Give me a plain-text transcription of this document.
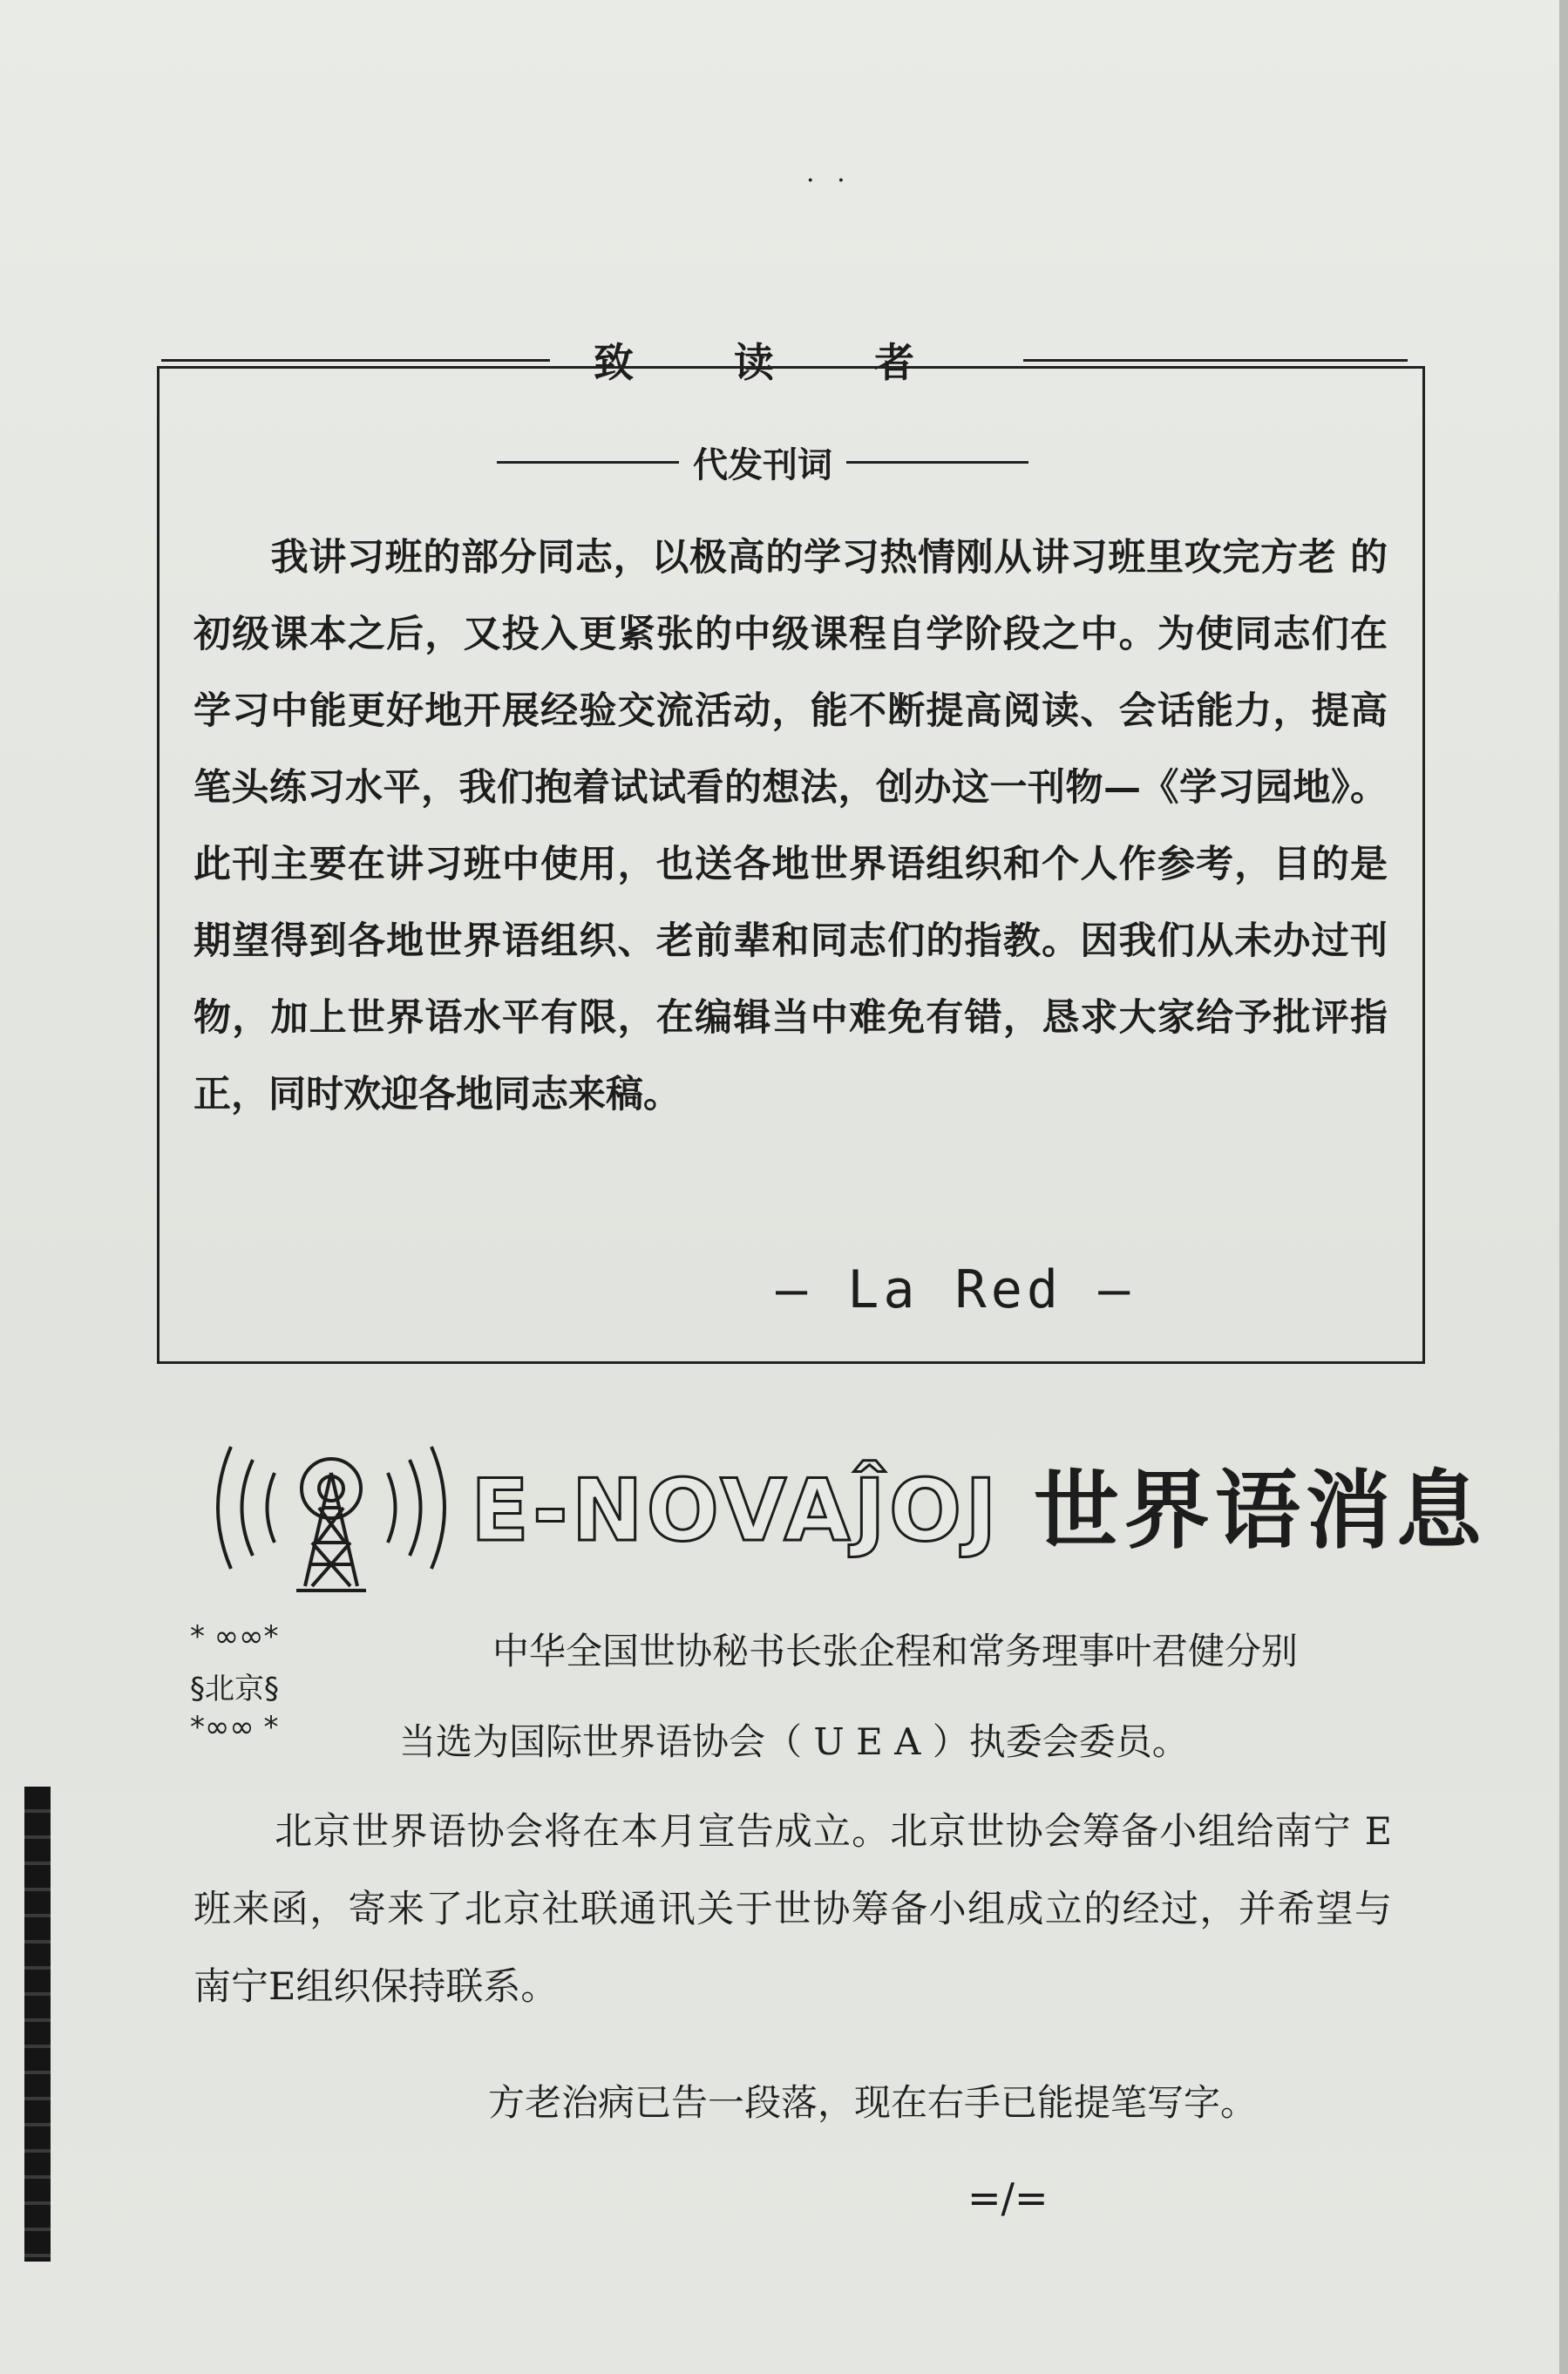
· ·
致读者
代发刊词
我讲习班的部分同志，以极高的学习热情刚从讲习班里攻完方老 的初级课本之后，又投入更紧张的中级课程自学阶段之中。为使同志们在学习中能更好地开展经验交流活动，能不断提高阅读、会话能力，提高笔头练习水平，我们抱着试试看的想法，创办这一刊物—《学习园地》。此刊主要在讲习班中使用，也送各地世界语组织和个人作参考，目的是期望得到各地世界语组织、老前辈和同志们的指教。因我们从未办过刊物，加上世界语水平有限，在编辑当中难免有错，恳求大家给予批评指正，同时欢迎各地同志来稿。
— La Red —
E-NOVAĴOJ 世界语消息
* ∞∞*
§北京§
*∞∞ *
中华全国世协秘书长张企程和常务理事叶君健分别
当选为国际世界语协会（ U E A ）执委会委员。
北京世界语协会将在本月宣告成立。北京世协会筹备小组给南宁 E 班来函，寄来了北京社联通讯关于世协筹备小组成立的经过，并希望与南宁E组织保持联系。
方老治病已告一段落，现在右手已能提笔写字。
=/=
